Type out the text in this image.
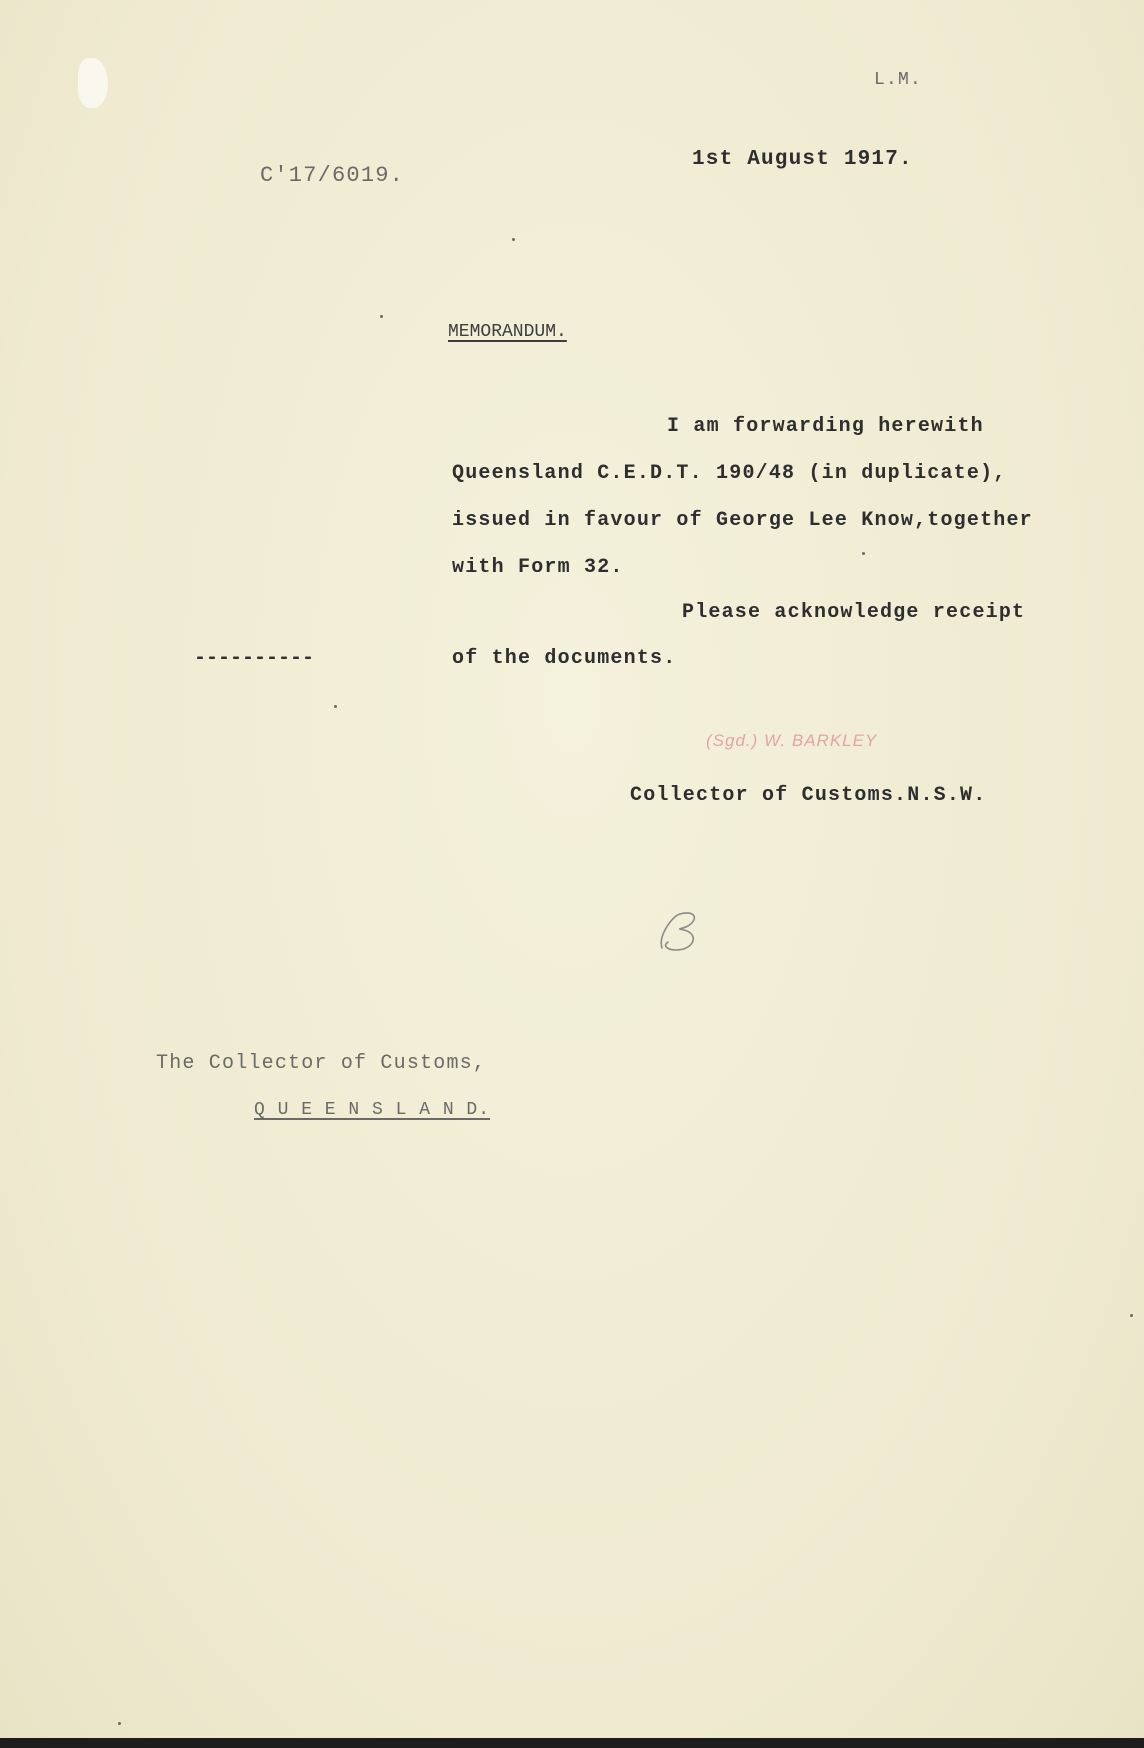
L.M.
C'17/6019.
1st August 1917.
MEMORANDUM.
I am forwarding herewith
Queensland C.E.D.T. 190/48 (in duplicate),
issued in favour of George Lee Know,together
with Form 32.
Please acknowledge receipt
of the documents.
----------
(Sgd.) W. BARKLEY
Collector of Customs.N.S.W.
The Collector of Customs,
Q U E E N S L A N D.
